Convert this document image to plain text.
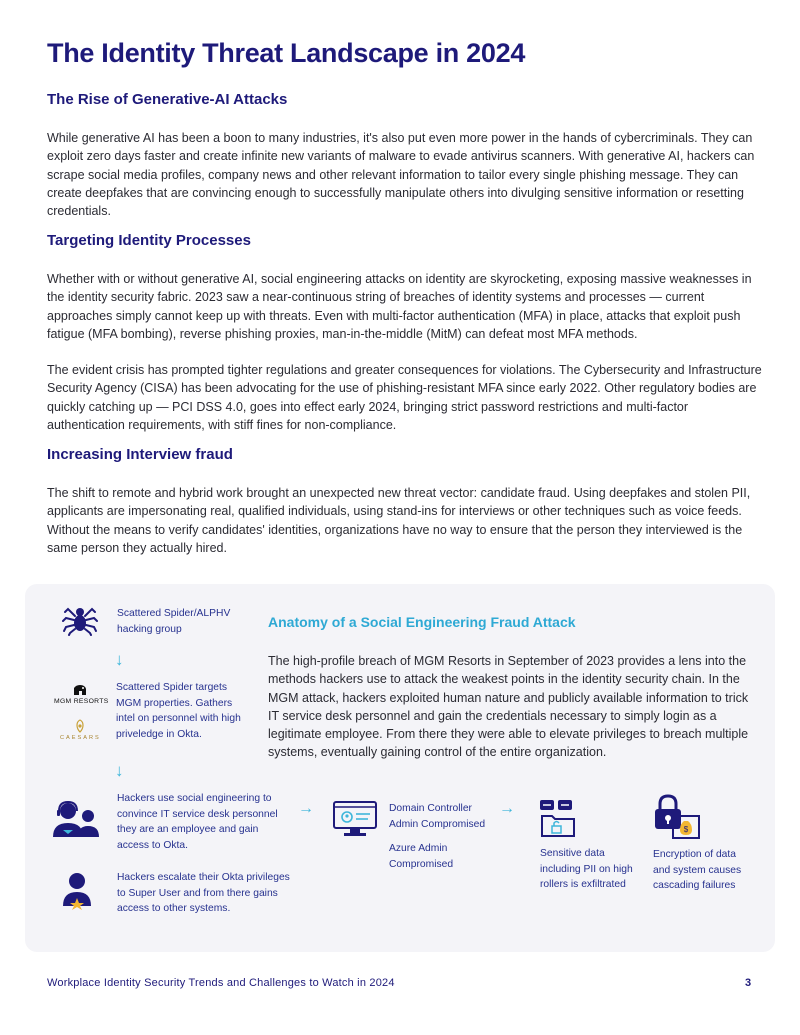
The Identity Threat Landscape in 2024
The Rise of Generative-AI Attacks

While generative AI has been a boon to many industries, it's also put even more power in the hands of cybercriminals. They can exploit zero days faster and create infinite new variants of malware to evade antivirus scanners. With generative AI, hackers can scrape social media profiles, company news and other relevant information to tailor every single phishing message. They can create deepfakes that are convincing enough to successfully manipulate others into divulging sensitive information or resetting credentials.

Targeting Identity Processes

Whether with or without generative AI, social engineering attacks on identity are skyrocketing, exposing massive weaknesses in the identity security fabric. 2023 saw a near-continuous string of breaches of identity systems and processes — current approaches simply cannot keep up with threats. Even with multi-factor authentication (MFA) in place, attacks that exploit push fatigue (MFA bombing), reverse phishing proxies, man-in-the-middle (MitM) can defeat most MFA methods.

The evident crisis has prompted tighter regulations and greater consequences for violations. The Cybersecurity and Infrastructure Security Agency (CISA) has been advocating for the use of phishing-resistant MFA since early 2022. Other regulatory bodies are quickly catching up — PCI DSS 4.0, goes into effect early 2024, bringing strict password restrictions and multi-factor authentication requirements, with stiff fines for non-compliance.

Increasing Interview fraud

The shift to remote and hybrid work brought an unexpected new threat vector: candidate fraud. Using deepfakes and stolen PII, applicants are impersonating real, qualified individuals, using stand-ins for interviews or other techniques such as voice feeds. Without the means to verify candidates' identities, organizations have no way to ensure that the person they interviewed is the same person they actually hired.

Scattered Spider/ALPHV hacking group
↓
MGM RESORTS
CAESARS
Scattered Spider targets MGM properties. Gathers intel on personnel with high priveledge in Okta.
↓
Hackers use social engineering to convince IT service desk personnel they are an employee and gain access to Okta.
Hackers escalate their Okta privileges to Super User and from there gains access to other systems.
→	Domain Controller Admin Compromised
Azure Admin Compromised
→
Sensitive data including PII on high rollers is exfiltrated
$
Encryption of data and system causes cascading failures
Anatomy of a Social Engineering Fraud Attack

The high-profile breach of MGM Resorts in September of 2023 provides a lens into the methods hackers use to attack the weakest points in the identity security chain. In the MGM attack, hackers exploited human nature and publicly available information to trick IT service desk personnel and gain the credentials necessary to simply login as a legitimate employee. From there they were able to elevate privileges to breach multiple systems, eventually gaining control of the entire organization.

Workplace Identity Security Trends and Challenges to Watch in 2024	3
